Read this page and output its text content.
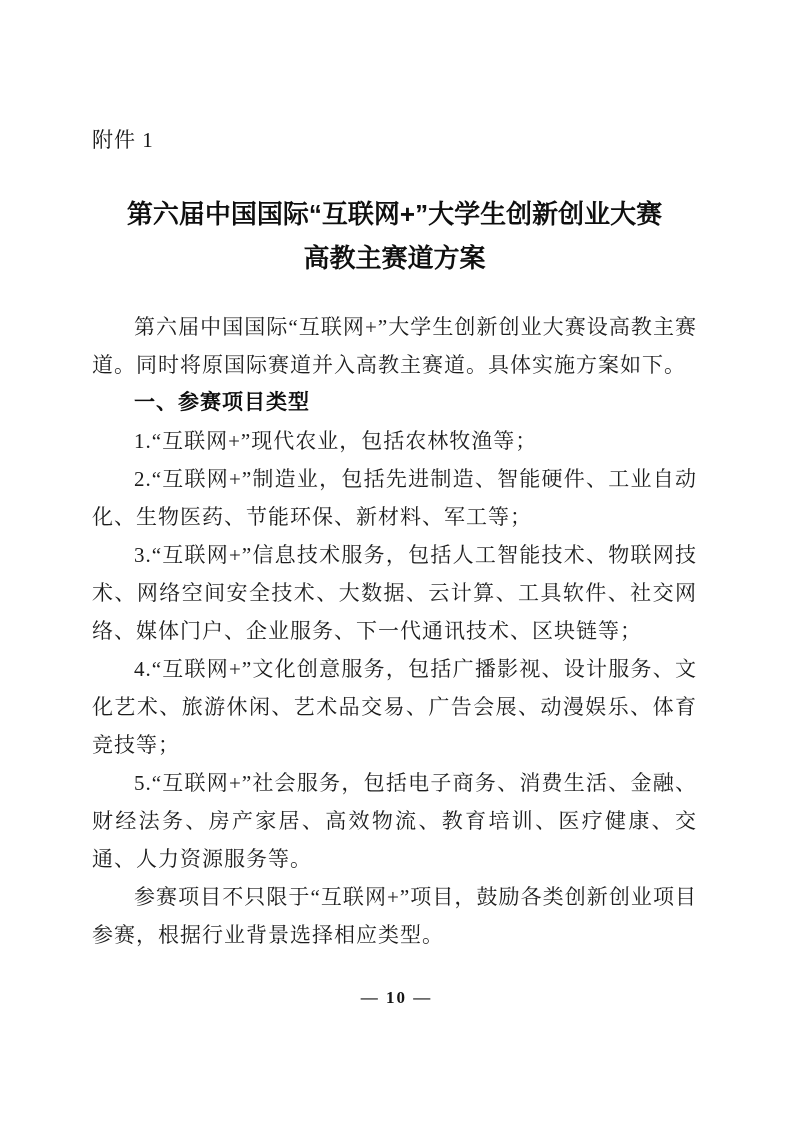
附件 1
第六届中国国际“互联网+”大学生创新创业大赛
高教主赛道方案

第六届中国国际“互联网+”大学生创新创业大赛设高教主赛道。同时将原国际赛道并入高教主赛道。具体实施方案如下。

一、参赛项目类型

1.“互联网+”现代农业，包括农林牧渔等；

2.“互联网+”制造业，包括先进制造、智能硬件、工业自动化、生物医药、节能环保、新材料、军工等；

3.“互联网+”信息技术服务，包括人工智能技术、物联网技术、网络空间安全技术、大数据、云计算、工具软件、社交网络、媒体门户、企业服务、下一代通讯技术、区块链等；

4.“互联网+”文化创意服务，包括广播影视、设计服务、文化艺术、旅游休闲、艺术品交易、广告会展、动漫娱乐、体育竞技等；

5.“互联网+”社会服务，包括电子商务、消费生活、金融、财经法务、房产家居、高效物流、教育培训、医疗健康、交通、人力资源服务等。

参赛项目不只限于“互联网+”项目，鼓励各类创新创业项目参赛，根据行业背景选择相应类型。

— 10 —
